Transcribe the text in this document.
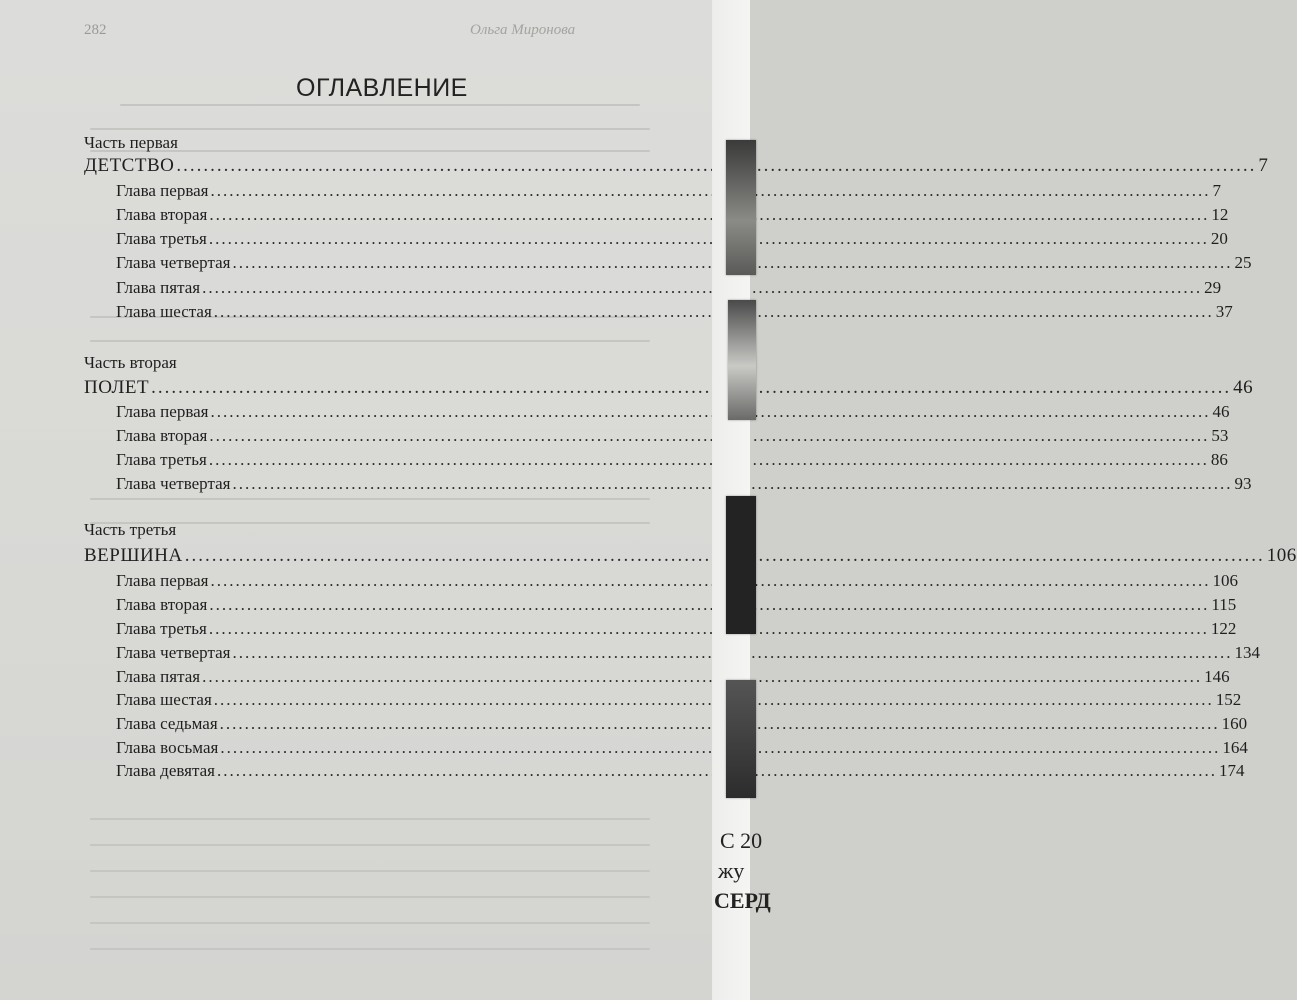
282	Ольга Миронова
ОГЛАВЛЕНИЕ
Часть первая
ДЕТСТВО .....	7
Глава первая .....	7
Глава вторая .....	12
Глава третья .....	20
Глава четвертая .....	25
Глава пятая .....	29
Глава шестая .....	37
Часть вторая
ПОЛЕТ .....	46
Глава первая .....	46
Глава вторая .....	53
Глава третья .....	86
Глава четвертая .....	93
Часть третья
ВЕРШИНА .....	106
Глава первая .....	106
Глава вторая .....	115
Глава третья .....	122
Глава четвертая .....	134
Глава пятая .....	146
Глава шестая .....	152
Глава седьмая .....	160
Глава восьмая .....	164
Глава девятая .....	174
С 20
жу
СЕРД
